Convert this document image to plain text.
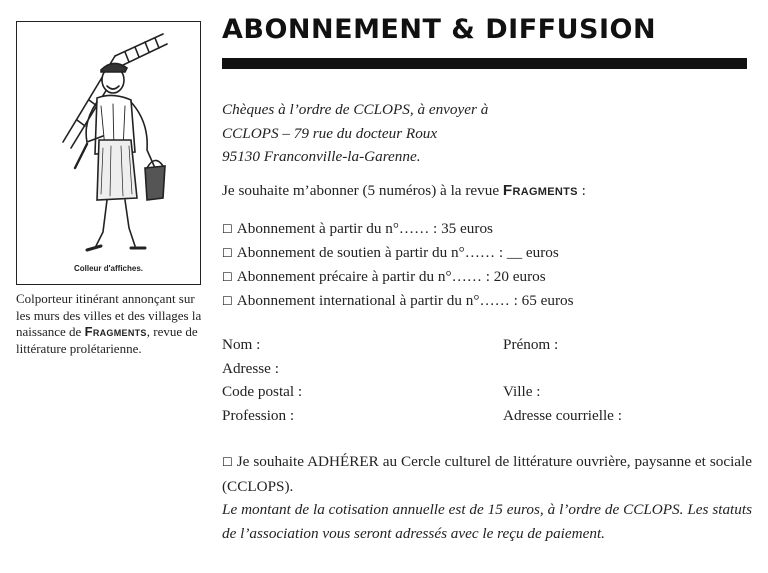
Colleur d'affiches.
Colporteur itinérant annonçant sur les murs des villes et des villages la naissance de Fragments, revue de littérature prolétarienne.
ABONNEMENT & DIFFUSION
Chèques à l’ordre de CCLOPS, à envoyer à
CCLOPS – 79 rue du docteur Roux
95130 Franconville-la-Garenne.
Je souhaite m’abonner (5 numéros) à la revue Fragments :
☐ Abonnement à partir du n°…… : 35 euros
☐ Abonnement de soutien à partir du n°…… : __ euros
☐ Abonnement précaire à partir du n°…… : 20 euros
☐ Abonnement international à partir du n°…… : 65 euros
Nom :	Prénom :
Adresse :
Code postal :	Ville :
Profession :	Adresse courrielle :

☐ Je souhaite ADHÉRER au Cercle culturel de littérature ouvrière, paysanne et sociale (CCLOPS).

Le montant de la cotisation annuelle est de 15 euros, à l’ordre de CCLOPS. Les statuts de l’association vous seront adressés avec le reçu de paiement.
